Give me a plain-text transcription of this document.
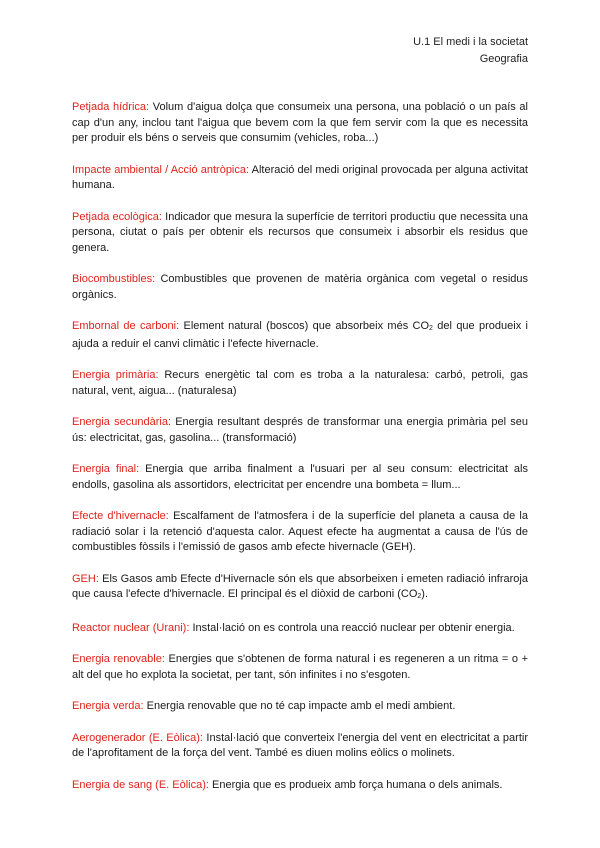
U.1 El medi i la societat
Geografia

Petjada hídrica: Volum d'aigua dolça que consumeix una persona, una població o un país al cap d'un any, inclou tant l'aigua que bevem com la que fem servir com la que es necessita per produir els béns o serveis que consumim (vehicles, roba...)

Impacte ambiental / Acció antròpica: Alteració del medi original provocada per alguna activitat humana.

Petjada ecològica: Indicador que mesura la superfície de territori productiu que necessita una persona, ciutat o país per obtenir els recursos que consumeix i absorbir els residus que genera.

Biocombustibles: Combustibles que provenen de matèria orgànica com vegetal o residus orgànics.

Embornal de carboni: Element natural (boscos) que absorbeix més $CO_2$ del que produeix i ajuda a reduir el canvi climàtic i l'efecte hivernacle.

Energia primària: Recurs energètic tal com es troba a la naturalesa: carbó, petroli, gas natural, vent, aigua... (naturalesa)

Energia secundària: Energia resultant després de transformar una energia primària pel seu ús: electricitat, gas, gasolina... (transformació)

Energia final: Energia que arriba finalment a l'usuari per al seu consum: electricitat als endolls, gasolina als assortidors, electricitat per encendre una bombeta = llum...

Efecte d'hivernacle: Escalfament de l'atmosfera i de la superfície del planeta a causa de la radiació solar i la retenció d'aquesta calor. Aquest efecte ha augmentat a causa de l'ús de combustibles fòssils i l'emissió de gasos amb efecte hivernacle (GEH).

GEH: Els Gasos amb Efecte d'Hivernacle són els que absorbeixen i emeten radiació infraroja que causa l'efecte d'hivernacle. El principal és el diòxid de carboni $(CO_2)$.

Reactor nuclear (Urani): Instal·lació on es controla una reacció nuclear per obtenir energia.

Energia renovable: Energies que s'obtenen de forma natural i es regeneren a un ritma = o + alt del que ho explota la societat, per tant, són infinites i no s'esgoten.

Energia verda: Energia renovable que no té cap impacte amb el medi ambient.

Aerogenerador (E. Eòlica): Instal·lació que converteix l'energia del vent en electricitat a partir de l'aprofitament de la força del vent. També es diuen molins eòlics o molinets.

Energia de sang (E. Eòlica): Energia que es produeix amb força humana o dels animals.
